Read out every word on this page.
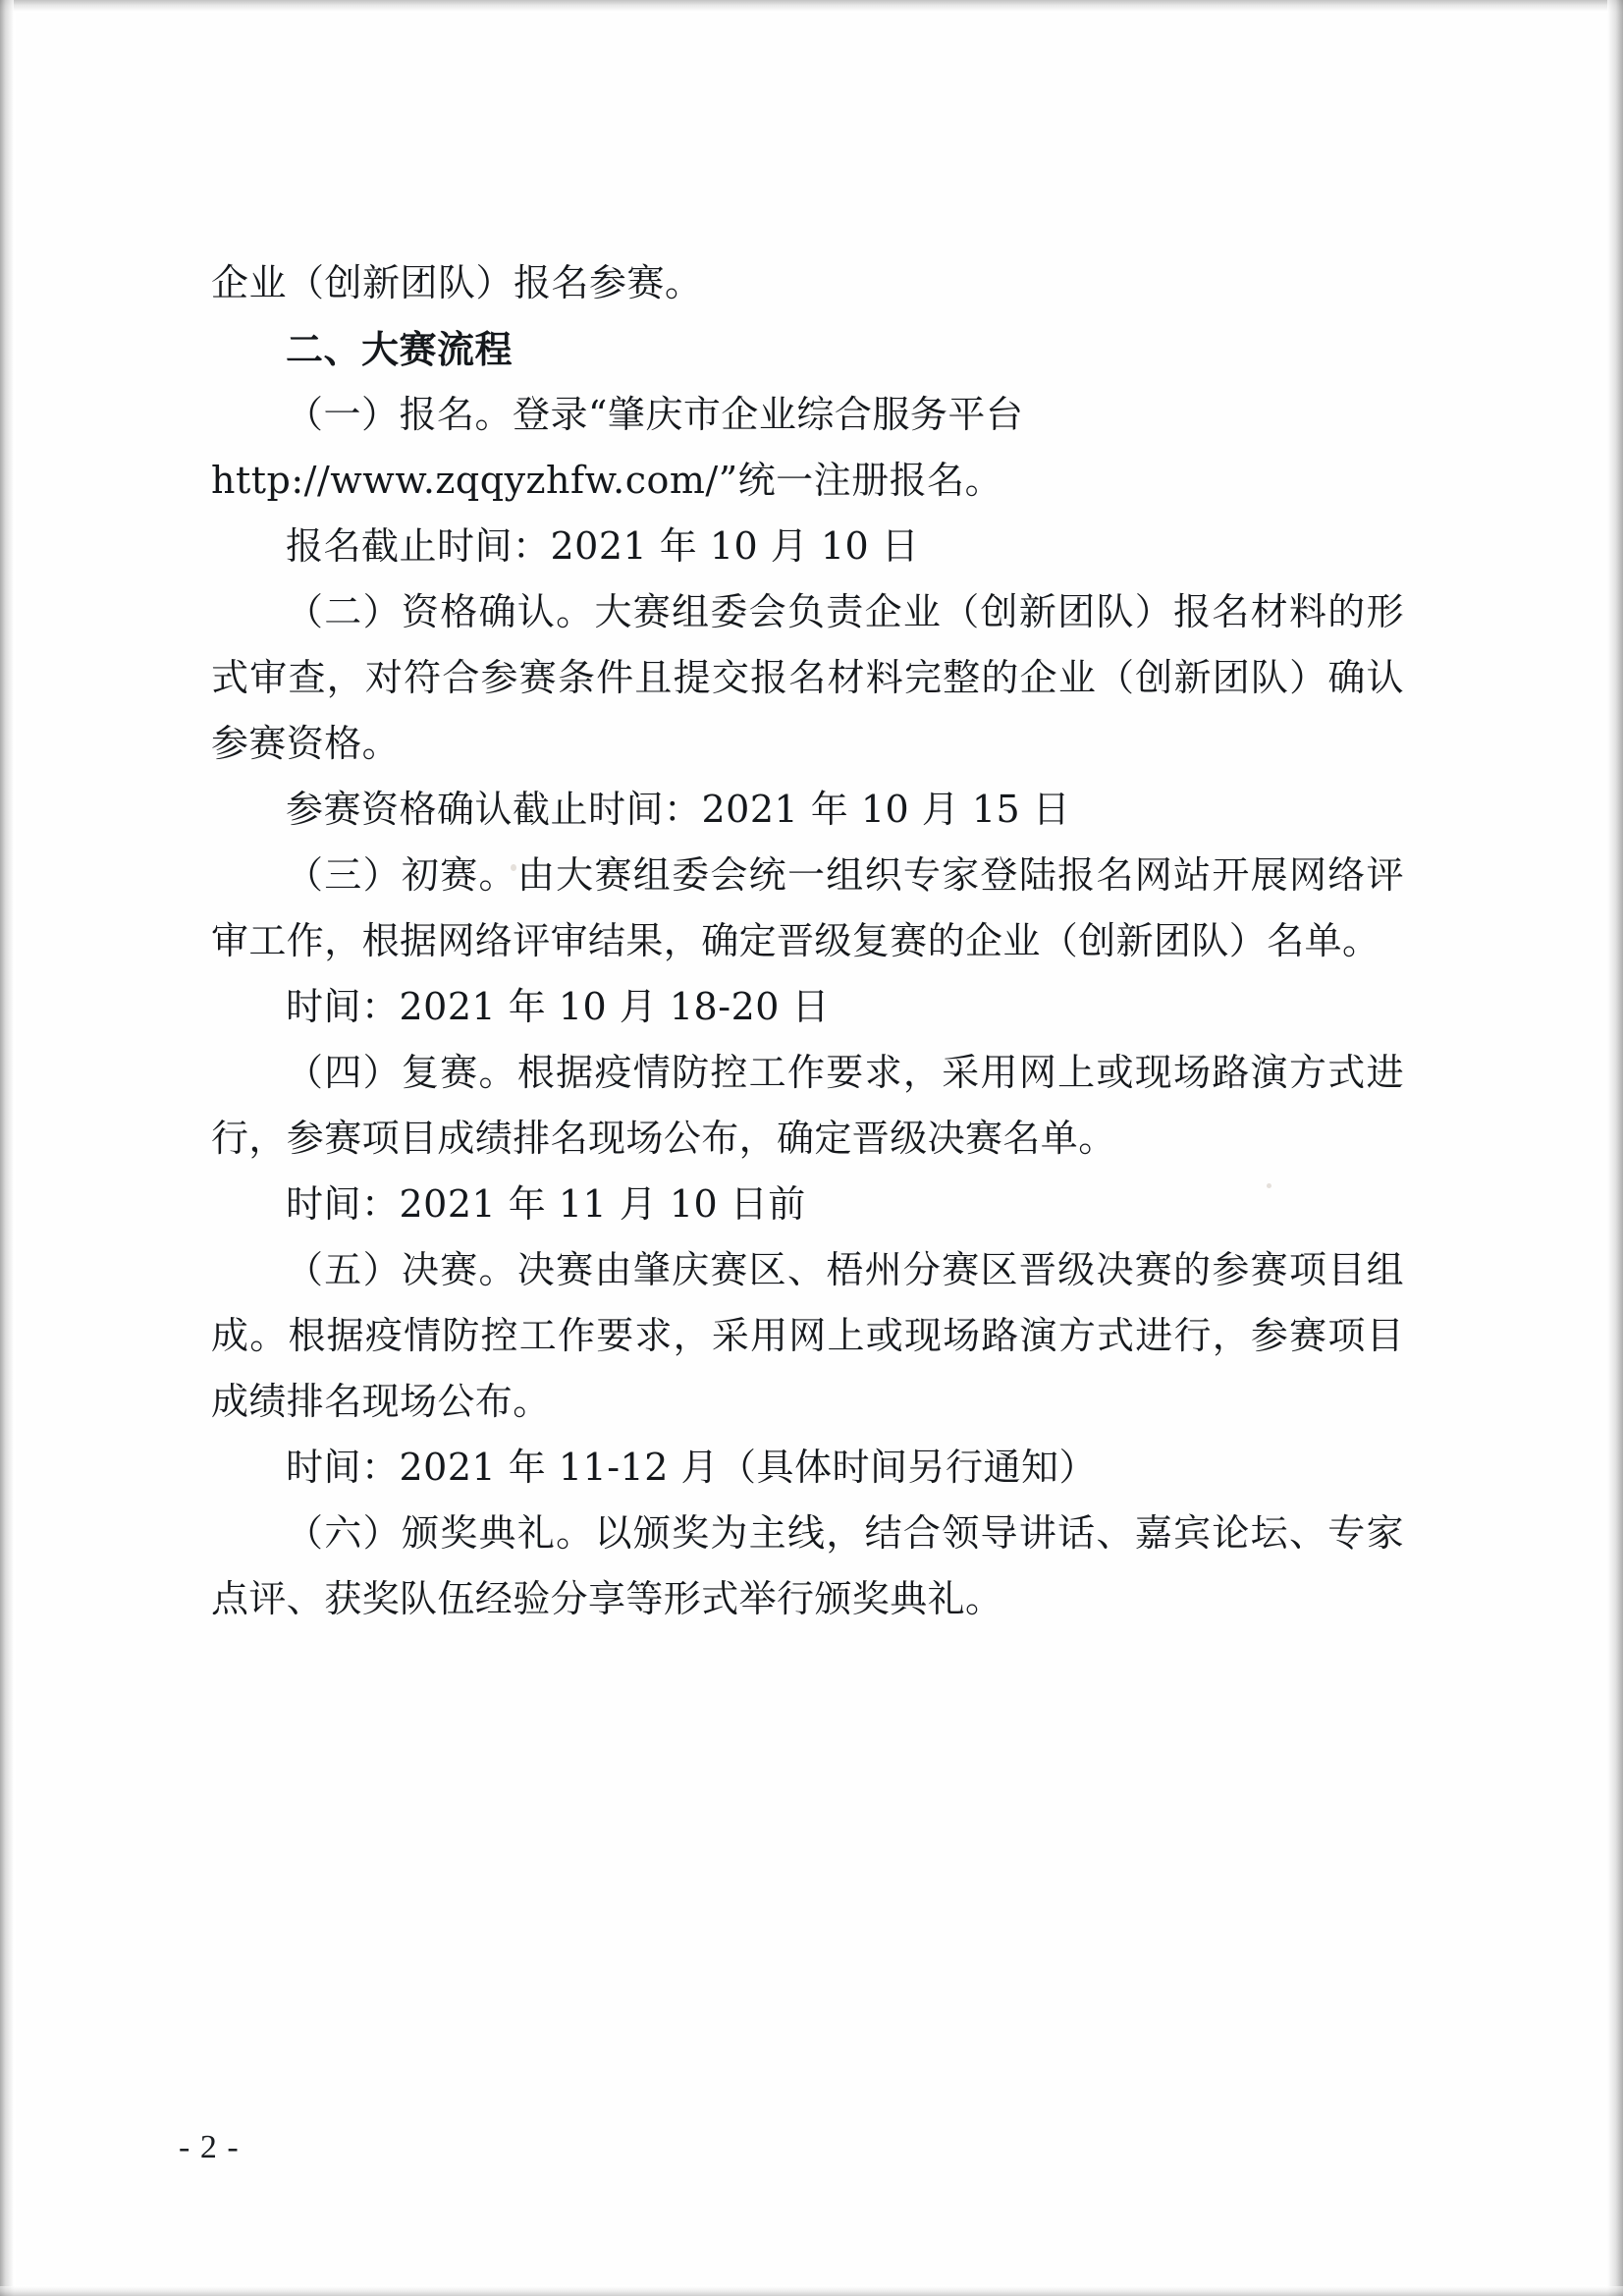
企业（创新团队）报名参赛。

二、大赛流程

（一）报名。登录“肇庆市企业综合服务平台

http://www.zqqyzhfw.com/”统一注册报名。

报名截止时间：2021 年 10 月 10 日

（二）资格确认。大赛组委会负责企业（创新团队）报名材料的形式审查，对符合参赛条件且提交报名材料完整的企业（创新团队）确认参赛资格。

参赛资格确认截止时间：2021 年 10 月 15 日

（三）初赛。由大赛组委会统一组织专家登陆报名网站开展网络评审工作，根据网络评审结果，确定晋级复赛的企业（创新团队）名单。

时间：2021 年 10 月 18-20 日

（四）复赛。根据疫情防控工作要求，采用网上或现场路演方式进行，参赛项目成绩排名现场公布，确定晋级决赛名单。

时间：2021 年 11 月 10 日前

（五）决赛。决赛由肇庆赛区、梧州分赛区晋级决赛的参赛项目组成。根据疫情防控工作要求，采用网上或现场路演方式进行，参赛项目成绩排名现场公布。

时间：2021 年 11-12 月（具体时间另行通知）

（六）颁奖典礼。以颁奖为主线，结合领导讲话、嘉宾论坛、专家点评、获奖队伍经验分享等形式举行颁奖典礼。

- 2 -
